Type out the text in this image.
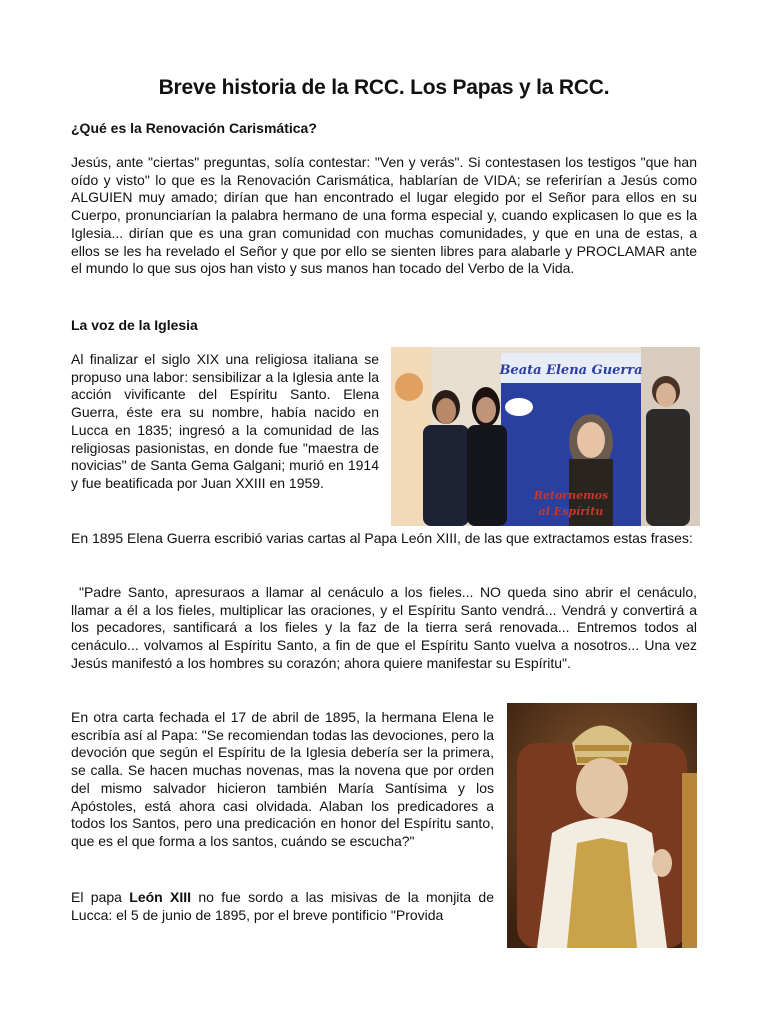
Breve historia de la RCC. Los Papas y la RCC.
¿Qué es la Renovación Carismática?

Jesús, ante "ciertas" preguntas, solía contestar: "Ven y verás". Si contestasen los testigos "que han oído y visto" lo que es la Renovación Carismática, hablarían de VIDA; se referirían a Jesús como ALGUIEN muy amado; dirían que han encontrado el lugar elegido por el Señor para ellos en su Cuerpo, pronunciarían la palabra hermano de una forma especial y, cuando explicasen lo que es la Iglesia... dirían que es una gran comunidad con muchas comunidades, y que en una de estas, a ellos se les ha revelado el Señor y que por ello se sienten libres para alabarle y PROCLAMAR ante el mundo lo que sus ojos han visto y sus manos han tocado del Verbo de la Vida.

La voz de la Iglesia

Al finalizar el siglo XIX una religiosa italiana se propuso una labor: sensibilizar a la Iglesia ante la acción vivificante del Espíritu Santo. Elena Guerra, éste era su nombre, había nacido en Lucca en 1835; ingresó a la comunidad de las religiosas pasionistas, en donde fue "maestra de novicias" de Santa Gema Galgani; murió en 1914 y fue beatificada por Juan XXIII en 1959.

En 1895 Elena Guerra escribió varias cartas al Papa León XIII, de las que extractamos estas frases:

"Padre Santo, apresuraos a llamar al cenáculo a los fieles... NO queda sino abrir el cenáculo, llamar a él a los fieles, multiplicar las oraciones, y el Espíritu Santo vendrá... Vendrá y convertirá a los pecadores, santificará a los fieles y la faz de la tierra será renovada... Entremos todos al cenáculo... volvamos al Espíritu Santo, a fin de que el Espíritu Santo vuelva a nosotros... Una vez Jesús manifestó a los hombres su corazón; ahora quiere manifestar su Espíritu".

En otra carta fechada el 17 de abril de 1895, la hermana Elena le escribía así al Papa: "Se recomiendan todas las devociones, pero la devoción que según el Espíritu de la Iglesia debería ser la primera, se calla. Se hacen muchas novenas, mas la novena que por orden del mismo salvador hicieron también María Santísima y los Apóstoles, está ahora casi olvidada. Alaban los predicadores a todos los Santos, pero una predicación en honor del Espíritu santo, que es el que forma a los santos, cuándo se escucha?"

El papa León XIII no fue sordo a las misivas de la monjita de Lucca: el 5 de junio de 1895, por el breve pontificio "Provida

Beata Elena Guerra
Retornemos
al Espíritu
